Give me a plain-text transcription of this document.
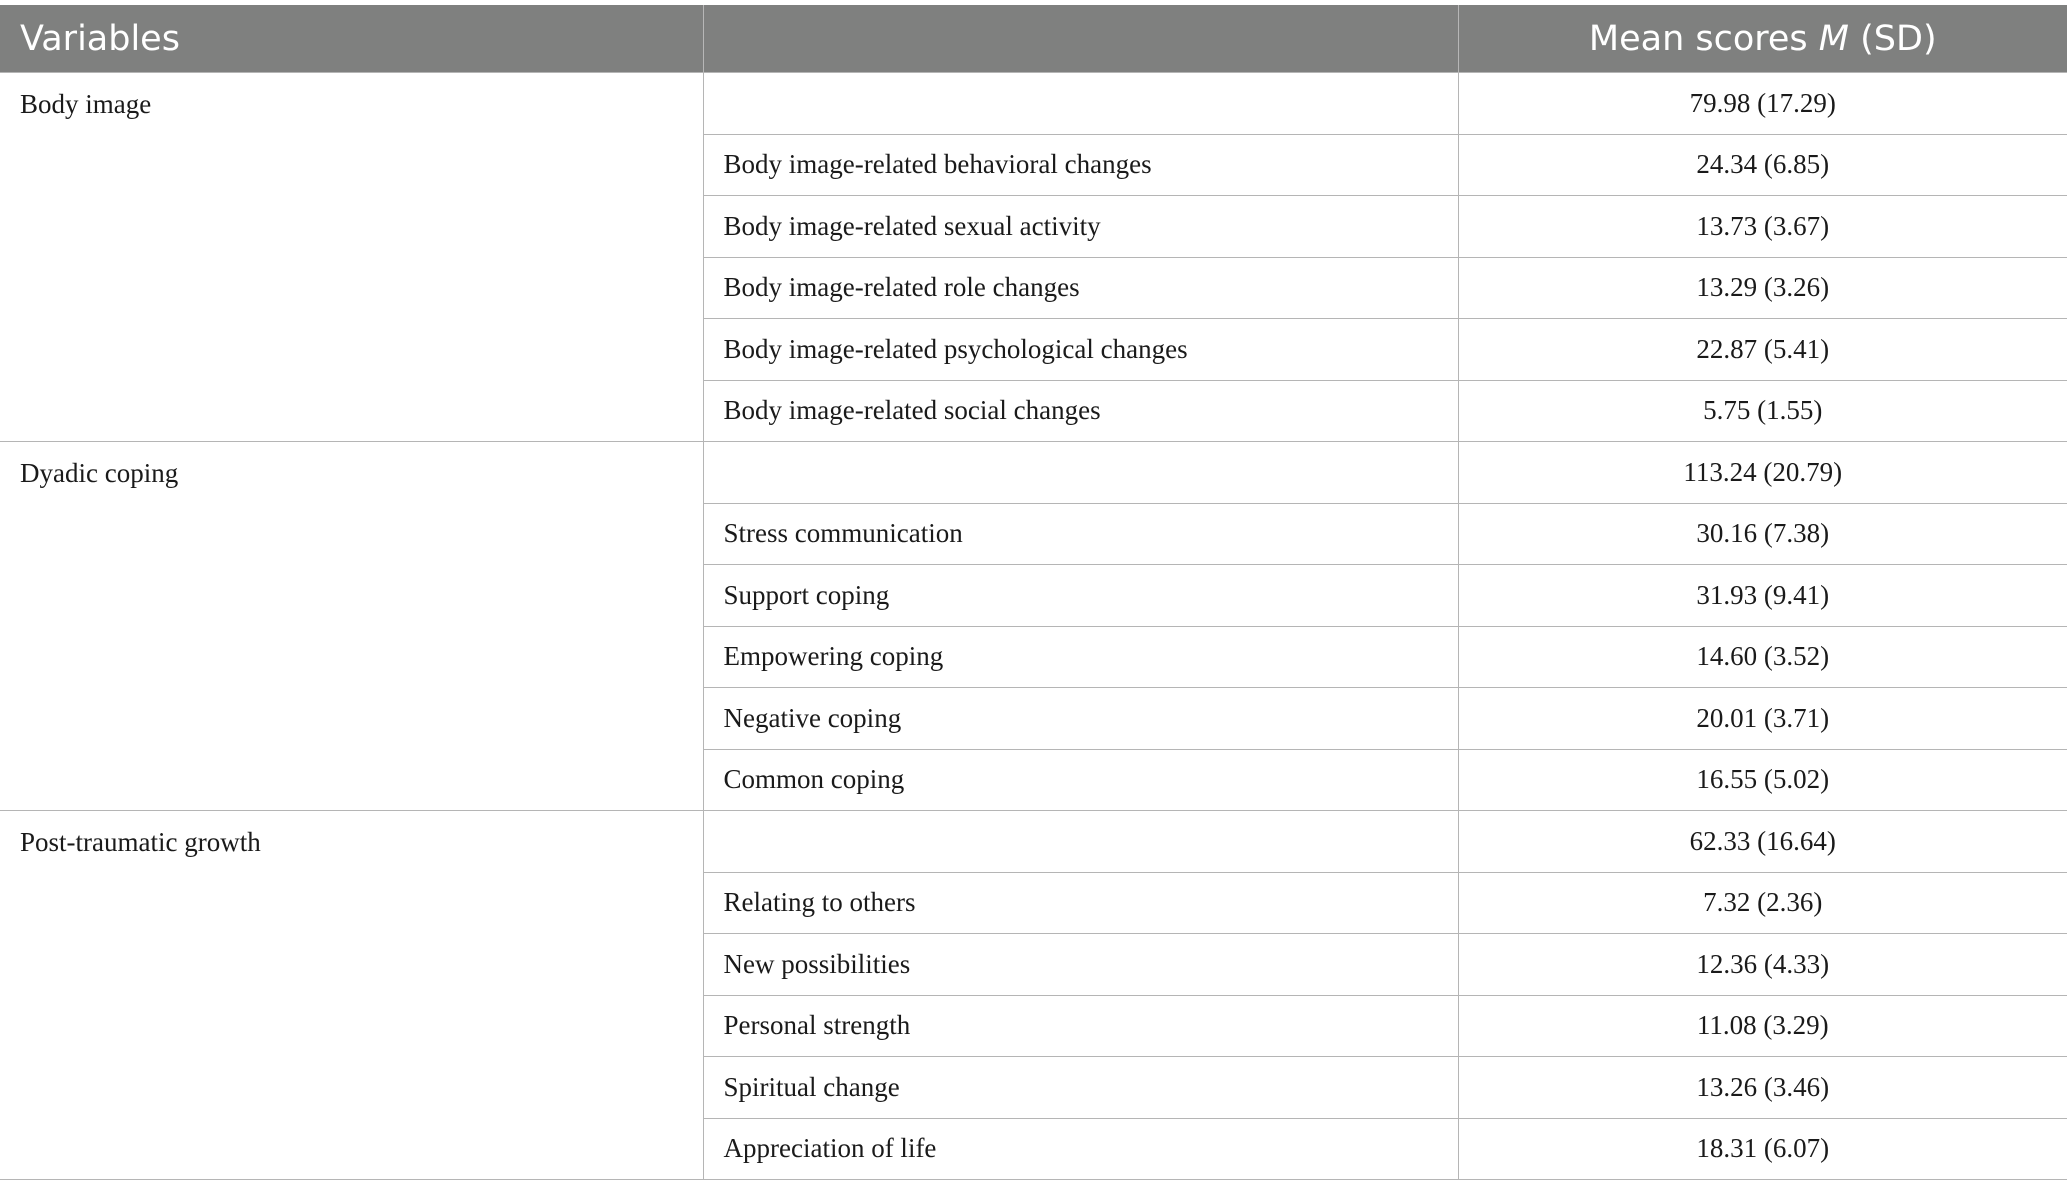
Variables		Mean scores M (SD)
Body image		79.98 (17.29)
	Body image-related behavioral changes	24.34 (6.85)
	Body image-related sexual activity	13.73 (3.67)
	Body image-related role changes	13.29 (3.26)
	Body image-related psychological changes	22.87 (5.41)
	Body image-related social changes	5.75 (1.55)
Dyadic coping		113.24 (20.79)
	Stress communication	30.16 (7.38)
	Support coping	31.93 (9.41)
	Empowering coping	14.60 (3.52)
	Negative coping	20.01 (3.71)
	Common coping	16.55 (5.02)
Post-traumatic growth		62.33 (16.64)
	Relating to others	7.32 (2.36)
	New possibilities	12.36 (4.33)
	Personal strength	11.08 (3.29)
	Spiritual change	13.26 (3.46)
	Appreciation of life	18.31 (6.07)
